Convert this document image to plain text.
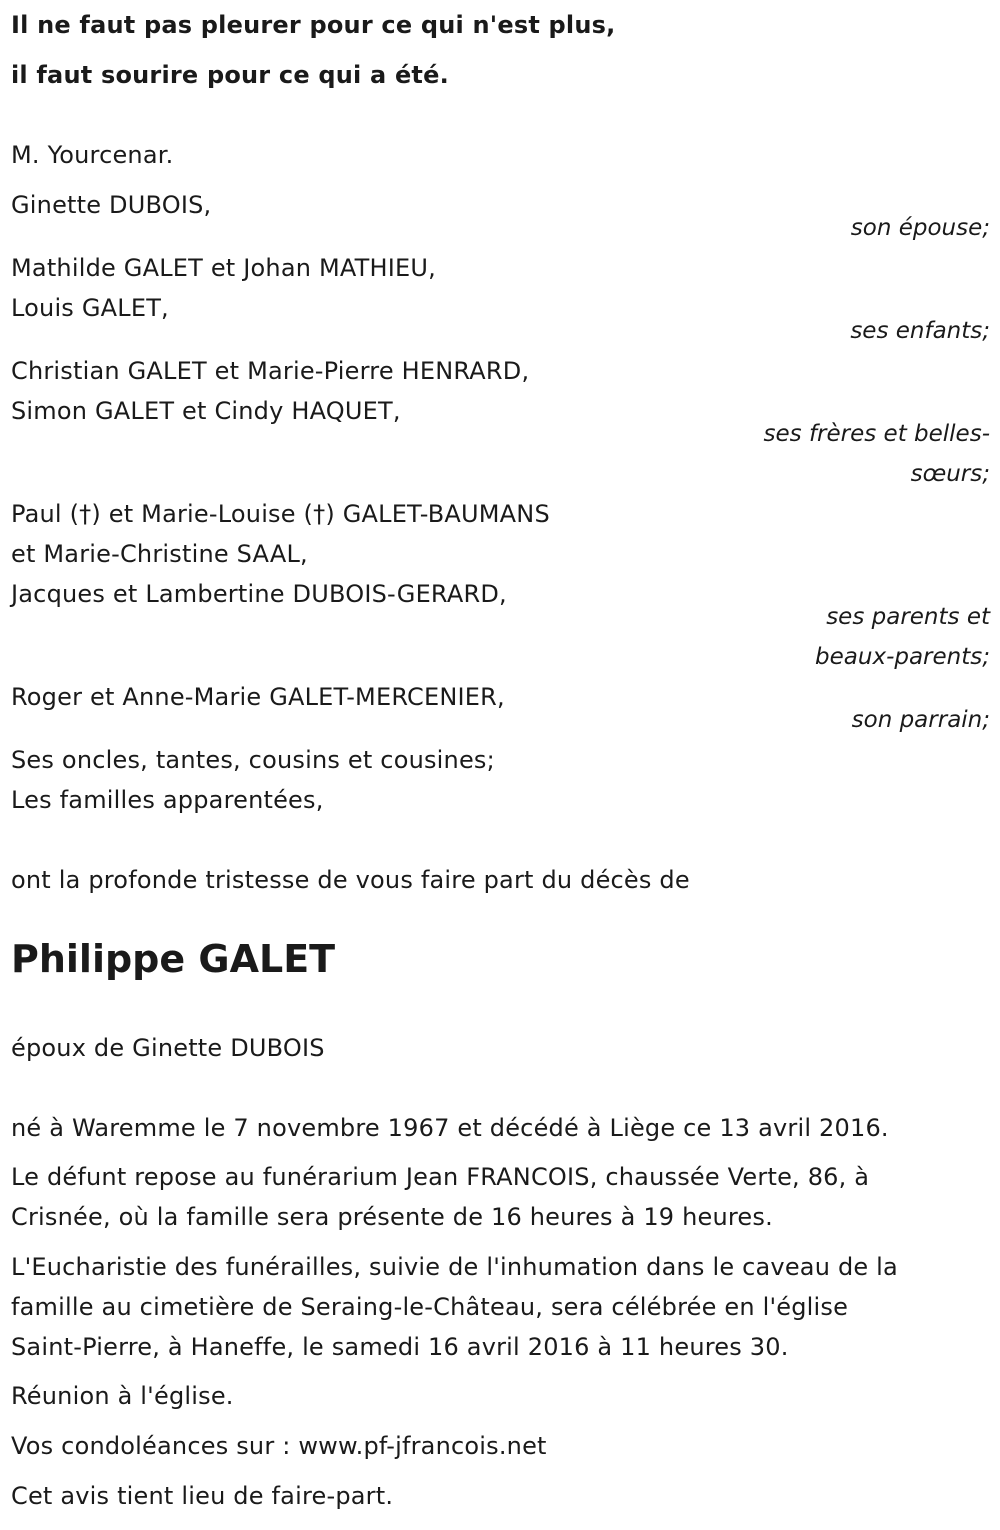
Il ne faut pas pleurer pour ce qui n'est plus,
il faut sourire pour ce qui a été.
M. Yourcenar.
Ginette DUBOIS,
son épouse;
Mathilde GALET et Johan MATHIEU,
Louis GALET,
ses enfants;
Christian GALET et Marie-Pierre HENRARD,
Simon GALET et Cindy HAQUET,
ses frères et belles-
sœurs;
Paul (†) et Marie-Louise (†) GALET-BAUMANS
et Marie-Christine SAAL,
Jacques et Lambertine DUBOIS-GERARD,
ses parents et
beaux-parents;
Roger et Anne-Marie GALET-MERCENIER,
son parrain;
Ses oncles, tantes, cousins et cousines;
Les familles apparentées,
ont la profonde tristesse de vous faire part du décès de
Philippe GALET
époux de Ginette DUBOIS
né à Waremme le 7 novembre 1967 et décédé à Liège ce 13 avril 2016.
Le défunt repose au funérarium Jean FRANCOIS, chaussée Verte, 86, à
Crisnée, où la famille sera présente de 16 heures à 19 heures.
L'Eucharistie des funérailles, suivie de l'inhumation dans le caveau de la
famille au cimetière de Seraing-le-Château, sera célébrée en l'église
Saint-Pierre, à Haneffe, le samedi 16 avril 2016 à 11 heures 30.
Réunion à l'église.
Vos condoléances sur : www.pf-jfrancois.net
Cet avis tient lieu de faire-part.
